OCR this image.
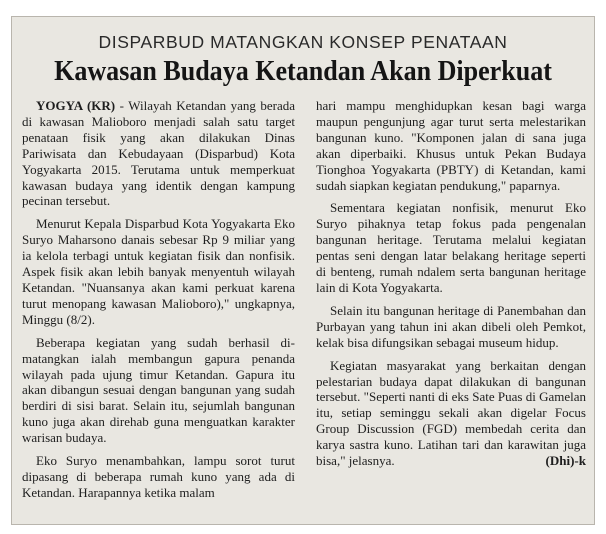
DISPARBUD MATANGKAN KONSEP PENATAAN
Kawasan Budaya Ketandan Akan Diperkuat

YOGYA (KR) - Wilayah Ketandan yang berada di kawasan Malioboro menjadi salah satu target penataan fisik yang akan dilakukan Dinas Pariwisata dan Kebudayaan (Disparbud) Kota Yogyakarta 2015. Terutama untuk memperkuat kawasan budaya yang identik dengan kampung pecinan tersebut.

Menurut Kepala Disparbud Kota Yogyakarta Eko Suryo Maharsono danais sebesar Rp 9 miliar yang ia kelola terbagi untuk kegiatan fisik dan nonfisik. Aspek fisik akan lebih banyak menyentuh wilayah Ketandan. "Nuansanya akan kami perkuat karena turut menopang kawasan Malioboro)," ungkapnya, Minggu (8/2).

Beberapa kegiatan yang sudah berhasil dimatangkan ialah membangun gapura penanda wilayah pada ujung timur Ketandan. Gapura itu akan dibangun sesuai dengan bangunan yang sudah berdiri di sisi barat. Selain itu, sejumlah bangunan kuno juga akan direhab guna menguatkan karakter warisan budaya.

Eko Suryo menambahkan, lampu sorot turut dipasang di beberapa rumah kuno yang ada di Ketandan. Harapannya ketika malam

hari mampu menghidupkan kesan bagi warga maupun pengunjung agar turut serta melestarikan bangunan kuno. "Komponen jalan di sana juga akan diperbaiki. Khusus untuk Pekan Budaya Tionghoa Yogyakarta (PBTY) di Ketandan, kami sudah siapkan kegiatan pendukung," paparnya.

Sementara kegiatan nonfisik, menurut Eko Suryo pihaknya tetap fokus pada pengenalan bangunan heritage. Terutama melalui kegiatan pentas seni dengan latar belakang heritage seperti di benteng, rumah ndalem serta bangunan heritage lain di Kota Yogyakarta.

Selain itu bangunan heritage di Panembahan dan Purbayan yang tahun ini akan dibeli oleh Pemkot, kelak bisa difungsikan sebagai museum hidup.

Kegiatan masyarakat yang berkaitan dengan pelestarian budaya dapat dilakukan di bangunan tersebut. "Seperti nanti di eks Sate Puas di Gamelan itu, setiap seminggu sekali akan digelar Focus Group Discussion (FGD) membedah cerita dan karya sastra kuno. Latihan tari dan karawitan juga bisa," jelasnya.	(Dhi)-k
